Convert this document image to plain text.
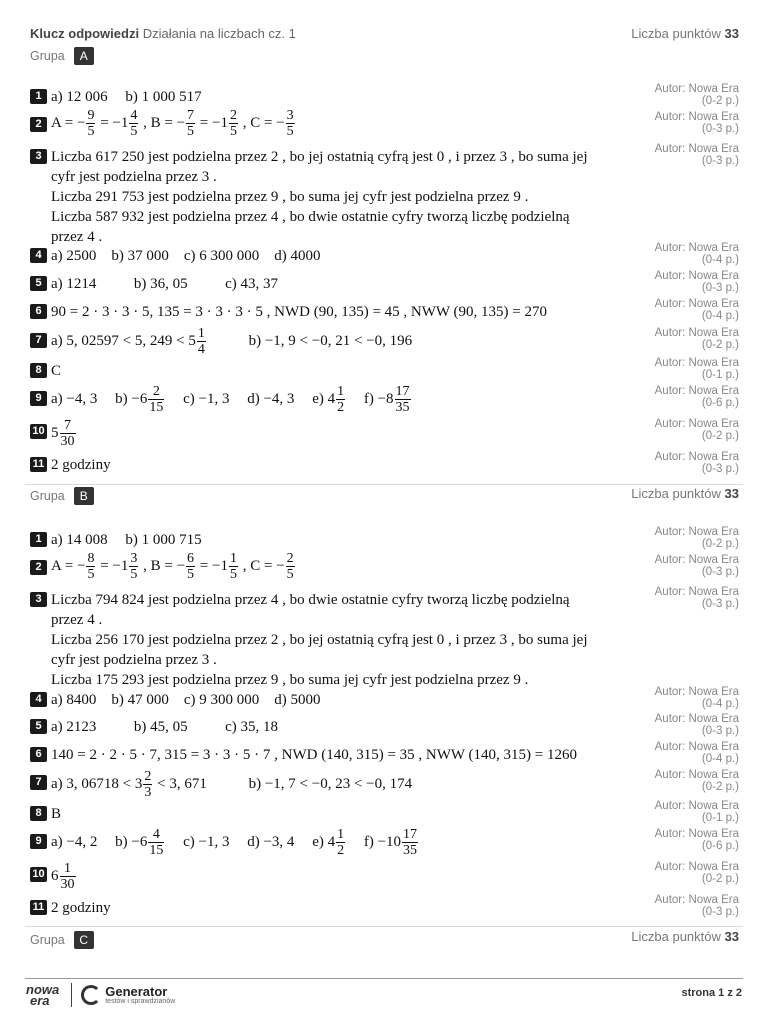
Klucz odpowiedzi Działania na liczbach cz. 1	Liczba punktów 33
Grupa	A
1 a) 12 006 b) 1 000 517	Autor: Nowa Era
(0-2 p.)
2 A = − $\frac{9}{5} = -1 \frac{4}{5}$ , B = − $\frac{7}{5} = -1 \frac{2}{5}$ , C = − $\frac{3}{5}$	Autor: Nowa Era
(0-3 p.)
3 Liczba 617 250 jest podzielna przez 2 , bo jej ostatnią cyfrą jest 0 , i przez 3 , bo suma jej
cyfr jest podzielna przez 3 .
Liczba 291 753 jest podzielna przez 9 , bo suma jej cyfr jest podzielna przez 9 .
Liczba 587 932 jest podzielna przez 4 , bo dwie ostatnie cyfry tworzą liczbę podzielną
przez 4 .
Autor: Nowa Era
(0-3 p.)
4 a) 2500    b) 37 000    c) 6 300 000    d) 4000	Autor: Nowa Era
(0-4 p.)
5 a) 1214          b) 36, 05          c) 43, 37	Autor: Nowa Era
(0-3 p.)
6 90 = 2 · 3 · 3 · 5, 135 = 3 · 3 · 3 · 5 , NWD (90, 135) = 45 , NWW (90, 135) = 270	Autor: Nowa Era
(0-4 p.)
7 a) 5, 02597 < 5, $249 < 5 \frac{1}{4}$	b) −1, 9 < −0, 21 < −0, 196	Autor: Nowa Era
(0-2 p.)
8 C	Autor: Nowa Era
(0-1 p.)
9 a) −4, 3 $b) -6 \frac{2}{15} c) -1$, 3 d) −4, 3 e) $4 \frac{1}{2} f) -8 \frac{17}{35}$	Autor: Nowa Era
(0-6 p.)
10 $5 \frac{7}{30}$	Autor: Nowa Era
(0-2 p.)
11 2 godziny	Autor: Nowa Era
(0-3 p.)
Grupa	B	Liczba punktów 33
1 a) 14 008 b) 1 000 715	Autor: Nowa Era
(0-2 p.)
2 A = − $\frac{8}{5} = -1 \frac{3}{5}$ , B = − $\frac{6}{5} = -1 \frac{1}{5}$ , C = − $\frac{2}{5}$	Autor: Nowa Era
(0-3 p.)
3 Liczba 794 824 jest podzielna przez 4 , bo dwie ostatnie cyfry tworzą liczbę podzielną
przez 4 .
Liczba 256 170 jest podzielna przez 2 , bo jej ostatnią cyfrą jest 0 , i przez 3 , bo suma jej
cyfr jest podzielna przez 3 .
Liczba 175 293 jest podzielna przez 9 , bo suma jej cyfr jest podzielna przez 9 .
Autor: Nowa Era
(0-3 p.)
4 a) 8400    b) 47 000    c) 9 300 000    d) 5000	Autor: Nowa Era
(0-4 p.)
5 a) 2123          b) 45, 05          c) 35, 18	Autor: Nowa Era
(0-3 p.)
6 140 = 2 · 2 · 5 · 7, 315 = 3 · 3 · 5 · 7 , NWD (140, 315) = 35 , NWW (140, 315) = 1260	Autor: Nowa Era
(0-4 p.)
7 a) 3, $06718 < 3 \frac{2}{3} < 3$, 671	b) −1, 7 < −0, 23 < −0, 174
Autor: Nowa Era
(0-2 p.)
8 B	Autor: Nowa Era
(0-1 p.)
9 a) −4, 2 $b) -6 \frac{4}{15} c) -1$, 3 d) −3, 4 e) $4 \frac{1}{2} f) -10 \frac{17}{35}$	Autor: Nowa Era
(0-6 p.)
10 $6 \frac{1}{30}$	Autor: Nowa Era
(0-2 p.)
11 2 godziny	Autor: Nowa Era
(0-3 p.)
Grupa	C	Liczba punktów 33
nowa
era
Generator
testów i sprawdzianów
strona 1 z 2
